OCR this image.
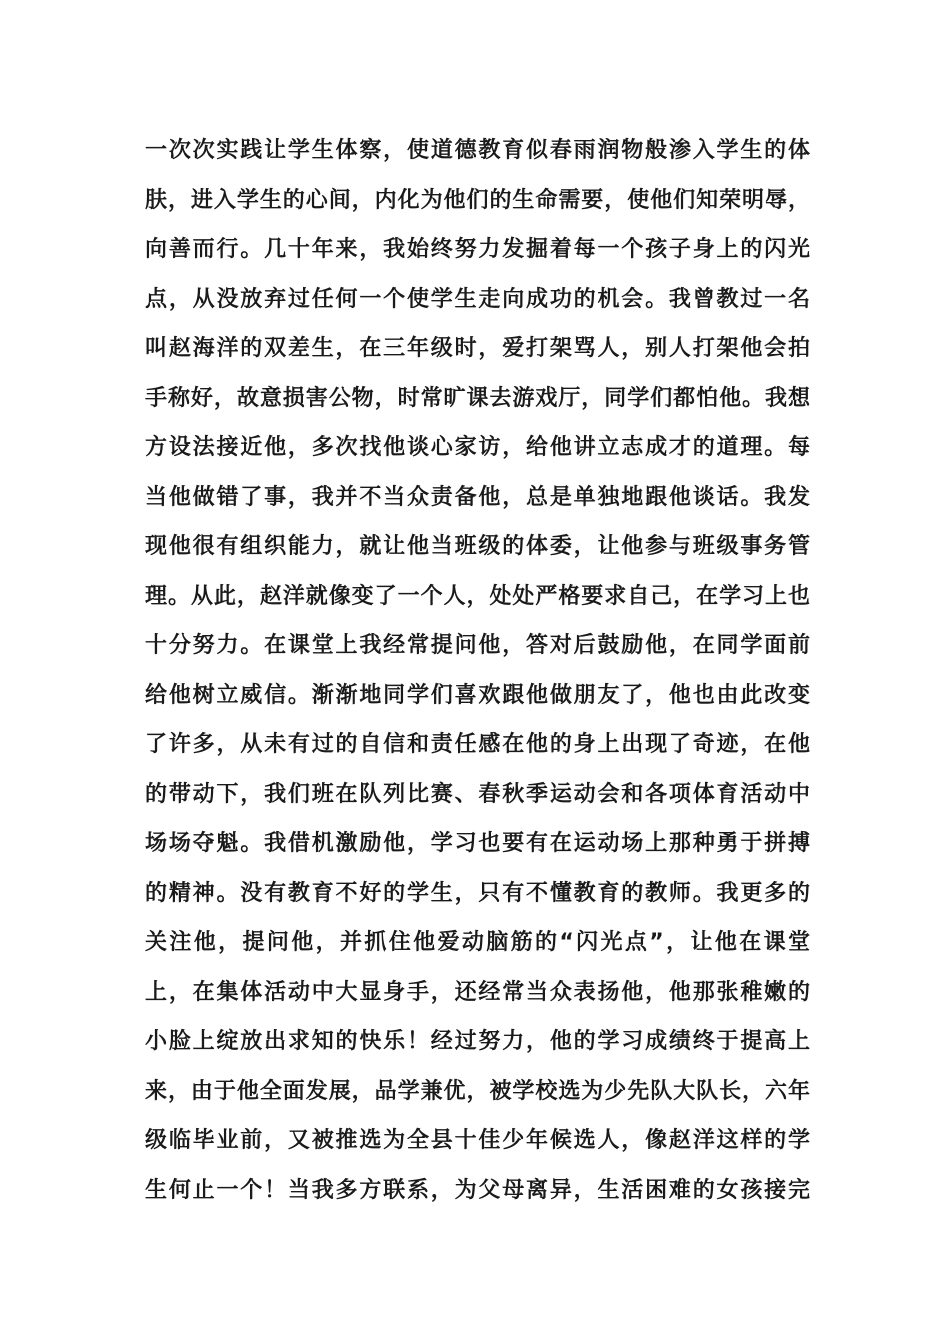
一次次实践让学生体察，使道德教育似春雨润物般渗入学生的体
肤，进入学生的心间，内化为他们的生命需要，使他们知荣明辱，
向善而行。几十年来，我始终努力发掘着每一个孩子身上的闪光
点，从没放弃过任何一个使学生走向成功的机会。我曾教过一名
叫赵海洋的双差生，在三年级时，爱打架骂人，别人打架他会拍
手称好，故意损害公物，时常旷课去游戏厅，同学们都怕他。我想
方设法接近他，多次找他谈心家访，给他讲立志成才的道理。每
当他做错了事，我并不当众责备他，总是单独地跟他谈话。我发
现他很有组织能力，就让他当班级的体委，让他参与班级事务管
理。从此，赵洋就像变了一个人，处处严格要求自己，在学习上也
十分努力。在课堂上我经常提问他，答对后鼓励他，在同学面前
给他树立威信。渐渐地同学们喜欢跟他做朋友了，他也由此改变
了许多，从未有过的自信和责任感在他的身上出现了奇迹，在他
的带动下，我们班在队列比赛、春秋季运动会和各项体育活动中
场场夺魁。我借机激励他，学习也要有在运动场上那种勇于拼搏
的精神。没有教育不好的学生，只有不懂教育的教师。我更多的
关注他，提问他，并抓住他爱动脑筋的“闪光点”，让他在课堂
上，在集体活动中大显身手，还经常当众表扬他，他那张稚嫩的
小脸上绽放出求知的快乐！经过努力，他的学习成绩终于提高上
来，由于他全面发展，品学兼优，被学校选为少先队大队长，六年
级临毕业前，又被推选为全县十佳少年候选人，像赵洋这样的学
生何止一个！当我多方联系，为父母离异，生活困难的女孩接完
